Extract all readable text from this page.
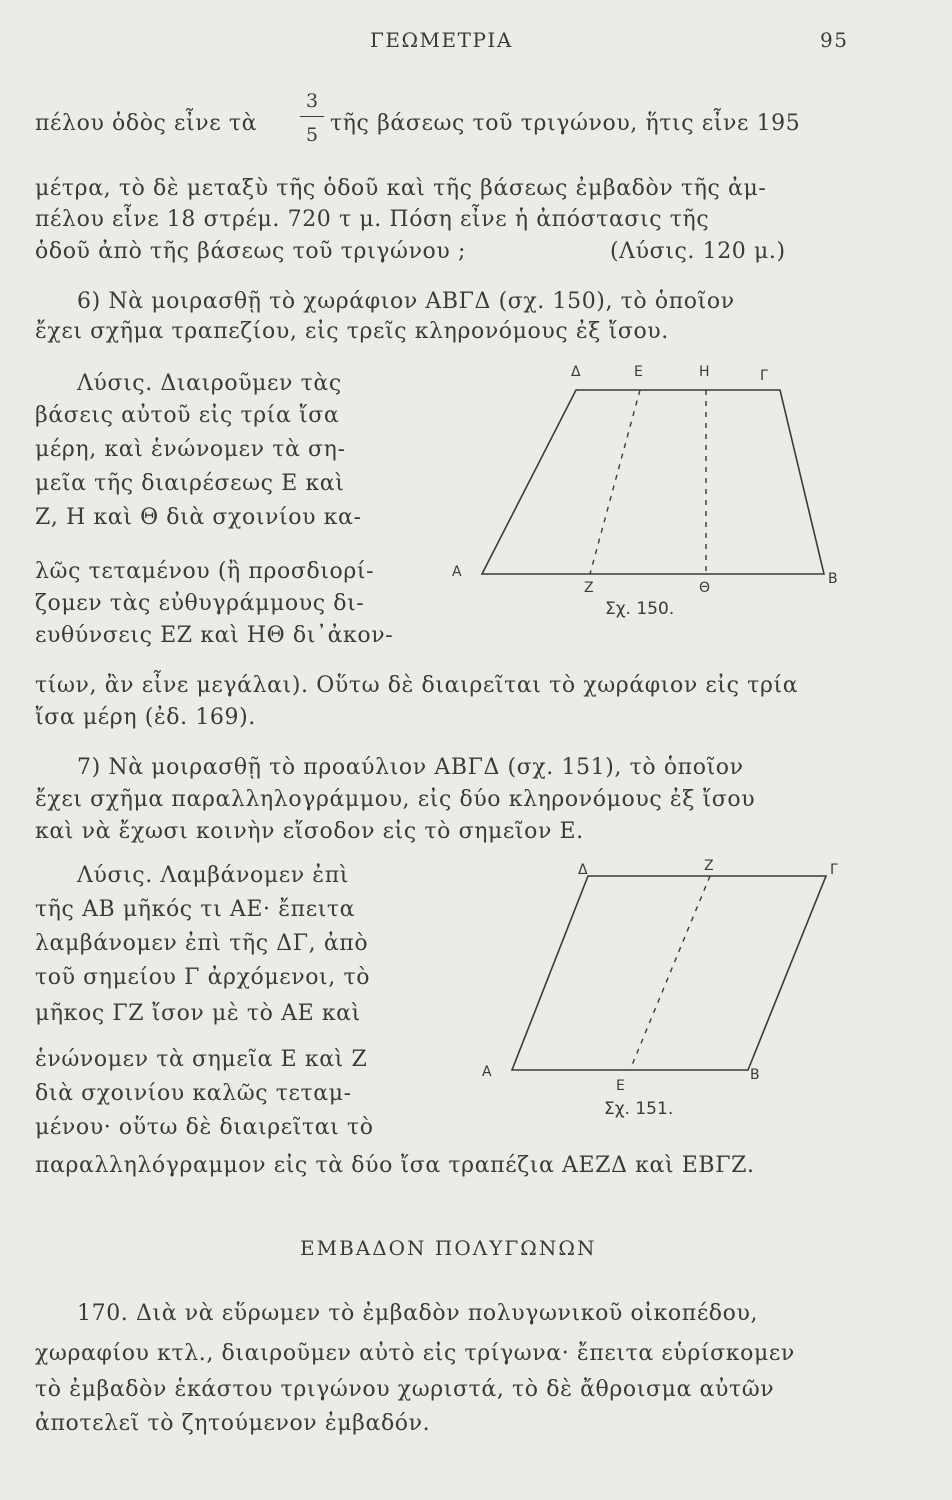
ΓΕΩΜΕΤΡΙΑ	95
πέλου ὁδὸς εἶνε τὰ
3
5 τῆς βάσεως τοῦ τριγώνου, ἥτις εἶνε 195
μέτρα, τὸ δὲ μεταξὺ τῆς ὁδοῦ καὶ τῆς βάσεως ἐμβαδὸν τῆς ἀμ-
πέλου εἶνε 18 στρέμ. 720 τ μ. Πόση εἶνε ἡ ἀπόστασις τῆς
ὁδοῦ ἀπὸ τῆς βάσεως τοῦ τριγώνου ;	(Λύσις. 120 μ.)
6) Νὰ μοιρασθῇ τὸ χωράφιον ΑΒΓΔ (σχ. 150), τὸ ὁποῖον
ἔχει σχῆμα τραπεζίου, εἰς τρεῖς κληρονόμους ἐξ ἴσου.
Λύσις. Διαιροῦμεν τὰς
βάσεις αὐτοῦ εἰς τρία ἴσα
μέρη, καὶ ἑνώνομεν τὰ ση-
μεῖα τῆς διαιρέσεως Ε καὶ
Ζ, Η καὶ Θ διὰ σχοινίου κα-
λῶς τεταμένου (ἢ προσδιορί-
ζομεν τὰς εὐθυγράμμους δι-
ευθύνσεις ΕΖ καὶ ΗΘ δι᾽ἀκον-
Α	Β
Γ
Δ	Ε	Η
Ζ	Θ
Σχ. 150.
τίων, ἂν εἶνε μεγάλαι). Οὕτω δὲ διαιρεῖται τὸ χωράφιον εἰς τρία
ἴσα μέρη (ἐδ. 169).
7) Νὰ μοιρασθῇ τὸ προαύλιον ΑΒΓΔ (σχ. 151), τὸ ὁποῖον
ἔχει σχῆμα παραλληλογράμμου, εἰς δύο κληρονόμους ἐξ ἴσου
καὶ νὰ ἔχωσι κοινὴν εἴσοδον εἰς τὸ σημεῖον Ε.
Λύσις. Λαμβάνομεν ἐπὶ
τῆς ΑΒ μῆκός τι ΑΕ· ἔπειτα
λαμβάνομεν ἐπὶ τῆς ΔΓ, ἀπὸ
τοῦ σημείου Γ ἀρχόμενοι, τὸ
μῆκος ΓΖ ἴσον μὲ τὸ ΑΕ καὶ
ἑνώνομεν τὰ σημεῖα Ε καὶ Ζ
διὰ σχοινίου καλῶς τεταμ-
μένου· οὕτω δὲ διαιρεῖται τὸ
Α	Β
Γ
Δ	Ζ
Ε
Σχ. 151.
παραλληλόγραμμον εἰς τὰ δύο ἴσα τραπέζια ΑΕΖΔ καὶ ΕΒΓΖ.
ΕΜΒΑΔΟΝ ΠΟΛΥΓΩΝΩΝ
170. Διὰ νὰ εὕρωμεν τὸ ἐμβαδὸν πολυγωνικοῦ οἰκοπέδου,
χωραφίου κτλ., διαιροῦμεν αὐτὸ εἰς τρίγωνα· ἔπειτα εὑρίσκομεν
τὸ ἐμβαδὸν ἑκάστου τριγώνου χωριστά, τὸ δὲ ἄθροισμα αὐτῶν
ἀποτελεῖ τὸ ζητούμενον ἐμβαδόν.
